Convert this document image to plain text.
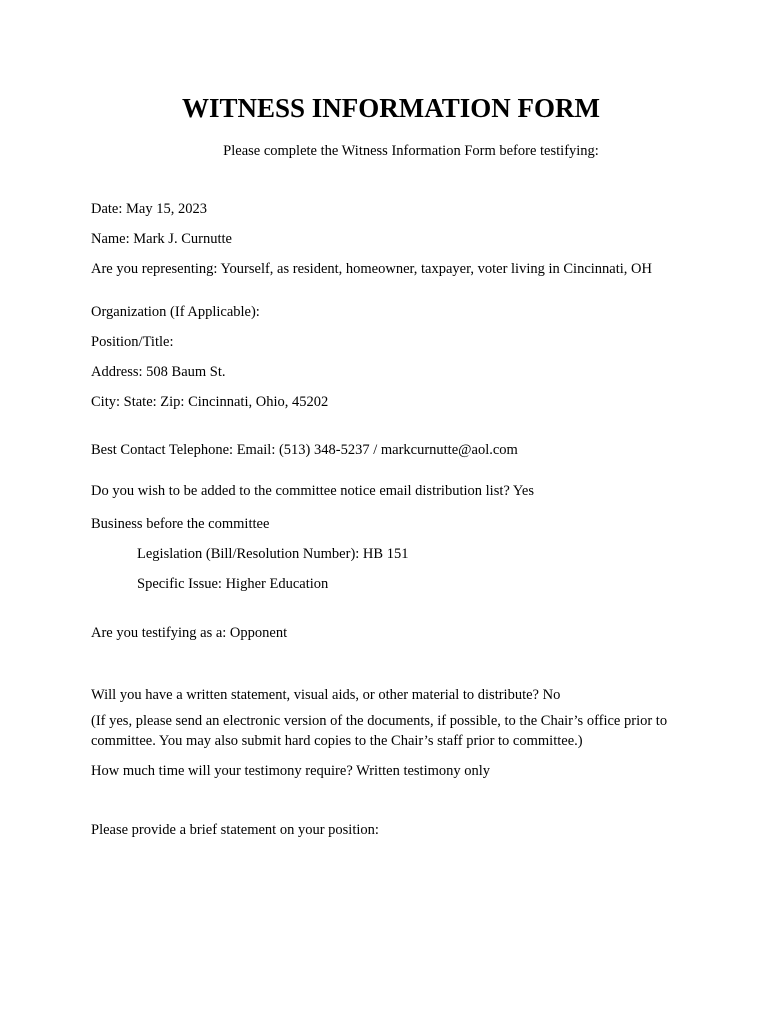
WITNESS INFORMATION FORM
Please complete the Witness Information Form before testifying:
Date: May 15, 2023
Name: Mark J. Curnutte
Are you representing: Yourself, as resident, homeowner, taxpayer, voter living in Cincinnati, OH
Organization (If Applicable):
Position/Title:
Address: 508 Baum St.
City: State: Zip: Cincinnati, Ohio, 45202
Best Contact Telephone: Email: (513) 348-5237 / markcurnutte@aol.com
Do you wish to be added to the committee notice email distribution list? Yes
Business before the committee
Legislation (Bill/Resolution Number): HB 151
Specific Issue: Higher Education
Are you testifying as a: Opponent
Will you have a written statement, visual aids, or other material to distribute? No
(If yes, please send an electronic version of the documents, if possible, to the Chair’s office prior to committee. You may also submit hard copies to the Chair’s staff prior to committee.)
How much time will your testimony require? Written testimony only
Please provide a brief statement on your position:
